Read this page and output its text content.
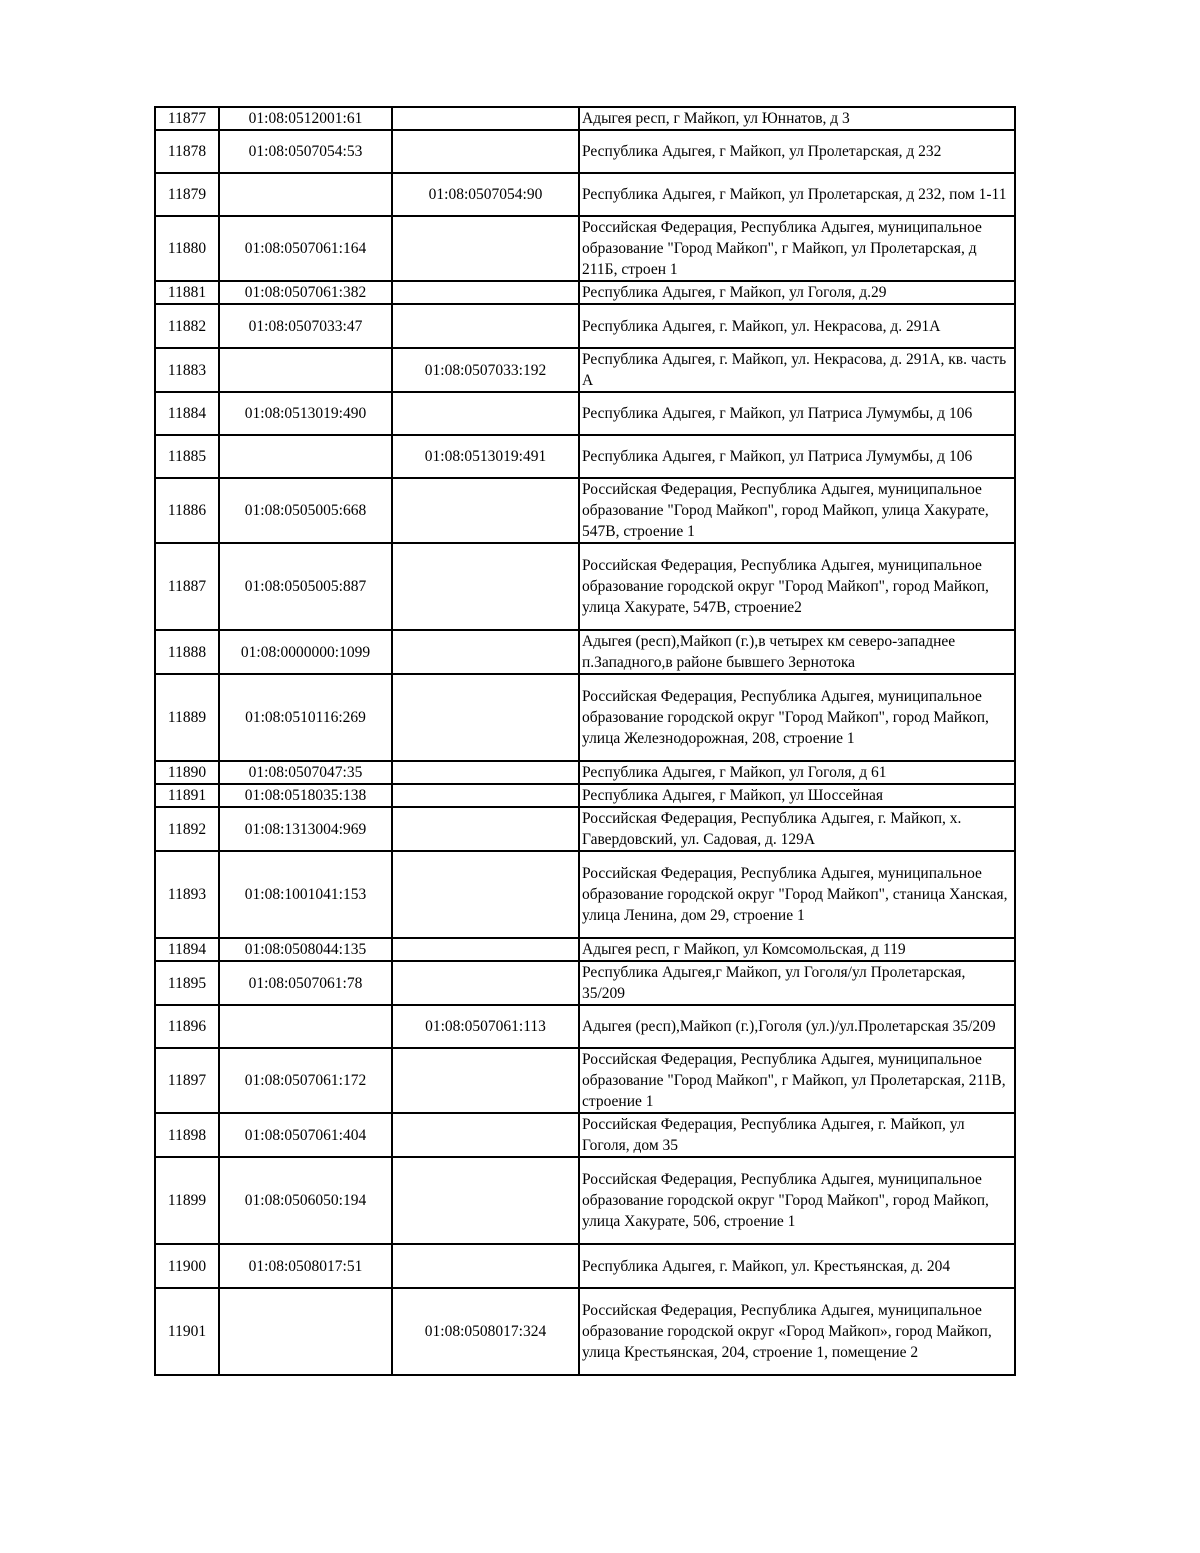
11877	01:08:0512001:61		Адыгея респ, г Майкоп, ул Юннатов, д 3
11878	01:08:0507054:53		Республика Адыгея, г Майкоп, ул Пролетарская, д 232
11879		01:08:0507054:90	Республика Адыгея, г Майкоп, ул Пролетарская, д 232, пом 1-11
11880	01:08:0507061:164		Российская Федерация, Республика Адыгея, муниципальное образование "Город Майкоп", г Майкоп, ул Пролетарская, д 211Б, строен 1
11881	01:08:0507061:382		Республика Адыгея, г Майкоп, ул Гоголя, д.29
11882	01:08:0507033:47		Республика Адыгея, г. Майкоп, ул. Некрасова, д. 291А
11883		01:08:0507033:192	Республика Адыгея, г. Майкоп, ул. Некрасова, д. 291А, кв. часть А
11884	01:08:0513019:490		Республика Адыгея, г Майкоп, ул Патриса Лумумбы, д 106
11885		01:08:0513019:491	Республика Адыгея, г Майкоп, ул Патриса Лумумбы, д 106
11886	01:08:0505005:668		Российская Федерация, Республика Адыгея, муниципальное образование "Город Майкоп", город Майкоп, улица Хакурате, 547В, строение 1
11887	01:08:0505005:887		Российская Федерация, Республика Адыгея, муниципальное образование городской округ "Город Майкоп", город Майкоп, улица Хакурате, 547В, строение2
11888	01:08:0000000:1099		Адыгея (респ),Майкоп (г.),в четырех км северо-западнее п.Западного,в районе бывшего Зернотока
11889	01:08:0510116:269		Российская Федерация, Республика Адыгея, муниципальное образование городской округ "Город Майкоп", город Майкоп, улица Железнодорожная, 208, строение 1
11890	01:08:0507047:35		Республика Адыгея, г Майкоп, ул Гоголя, д 61
11891	01:08:0518035:138		Республика Адыгея, г Майкоп, ул Шоссейная
11892	01:08:1313004:969		Российская Федерация, Республика Адыгея, г. Майкоп, х. Гавердовский, ул. Садовая, д. 129А
11893	01:08:1001041:153		Российская Федерация, Республика Адыгея, муниципальное образование городской округ "Город Майкоп", станица Ханская, улица Ленина, дом 29, строение 1
11894	01:08:0508044:135		Адыгея респ, г Майкоп, ул Комсомольская, д 119
11895	01:08:0507061:78		Республика Адыгея,г Майкоп, ул Гоголя/ул Пролетарская, 35/209
11896		01:08:0507061:113	Адыгея (респ),Майкоп (г.),Гоголя (ул.)/ул.Пролетарская 35/209
11897	01:08:0507061:172		Российская Федерация, Республика Адыгея, муниципальное образование "Город Майкоп", г Майкоп, ул Пролетарская, 211В, строение 1
11898	01:08:0507061:404		Российская Федерация, Республика Адыгея, г. Майкоп, ул Гоголя, дом 35
11899	01:08:0506050:194		Российская Федерация, Республика Адыгея, муниципальное образование городской округ "Город Майкоп", город Майкоп, улица Хакурате, 506, строение 1
11900	01:08:0508017:51		Республика Адыгея, г. Майкоп, ул. Крестьянская, д. 204
11901		01:08:0508017:324	Российская Федерация, Республика Адыгея, муниципальное образование городской округ «Город Майкоп», город Майкоп, улица Крестьянская, 204, строение 1, помещение 2
